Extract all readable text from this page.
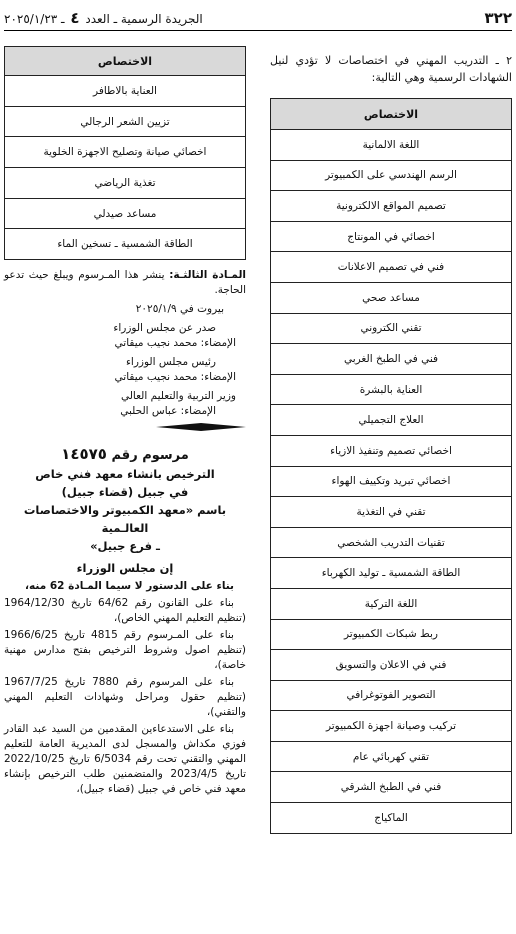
٣٢٢
الجريدة الرسمية ـ العدد ٤ ـ ٢٠٢٥/١/٢٣

٢ ـ التدريب المهني في اختصاصات لا تؤدي لنيل الشهادات الرسمية وهي التالية:

الاختصاص
اللغة الالمانية
الرسم الهندسي على الكمبيوتر
تصميم المواقع الالكترونية
اخصائي في المونتاج
فني في تصميم الاعلانات
مساعد صحي
تقني الكتروني
فني في الطبخ الغربي
العناية بالبشرة
العلاج التجميلي
اخصائي تصميم وتنفيذ الازياء
اخصائي تبريد وتكييف الهواء
تقني في التغذية
تقنيات التدريب الشخصي
الطاقة الشمسية ـ توليد الكهرباء
اللغة التركية
ربط شبكات الكمبيوتر
فني في الاعلان والتسويق
التصوير الفوتوغرافي
تركيب وصيانة اجهزة الكمبيوتر
تقني كهربائي عام
فني في الطبخ الشرقي
الماكياج
الاختصاص
العناية بالاطافر
تزيين الشعر الرجالي
اخصائي صيانة وتصليح الاجهزة الخلوية
تغذية الرياضي
مساعد صيدلي
الطاقة الشمسية ـ تسخين الماء

المـادة الثالثـة: ينشر هذا المـرسوم ويبلغ حيث تدعو الحاجة.

بيروت في ٢٠٢٥/١/٩

صدر عن مجلس الوزراء

الإمضاء: محمد نجيب ميقاتي

رئيس مجلس الوزراء

الإمضاء: محمد نجيب ميقاتي

وزير التربية والتعليم العالي

الإمضاء: عباس الحلبي

مرسوم رقم ١٤٥٧٥

الترخيص بانشاء معهد فني خاص

في جبيل (قضاء جبيل)

باسم «معهد الكمبيوتر والاختصاصات العالـمية

ـ فرع جبيل»

إن مجلس الوزراء

بناء على الدستور لا سيما المـادة 62 منه،

بناء على القانون رقم 64/62 تاريخ 1964/12/30 (تنظيم التعليم المهني الخاص)،

بناء على المـرسوم رقم 4815 تاريخ 1966/6/25 (تنظيم اصول وشروط الترخيص بفتح مدارس مهنية خاصة)،

بناء على المرسوم رقم 7880 تاريخ 1967/7/25 (تنظيم حقول ومراحل وشهادات التعليم المهني والتقني)،

بناء على الاستدعاءين المقدمين من السيد عبد القادر فوزي مكداش والمسجل لدى المديرية العامة للتعليم المهني والتقني تحت رقم 6/5034 تاريخ 2022/10/25 تاريخ 2023/4/5 والمتضمنين طلب الترخيص بإنشاء معهد فني خاص في جبيل (قضاء جبيل)،
